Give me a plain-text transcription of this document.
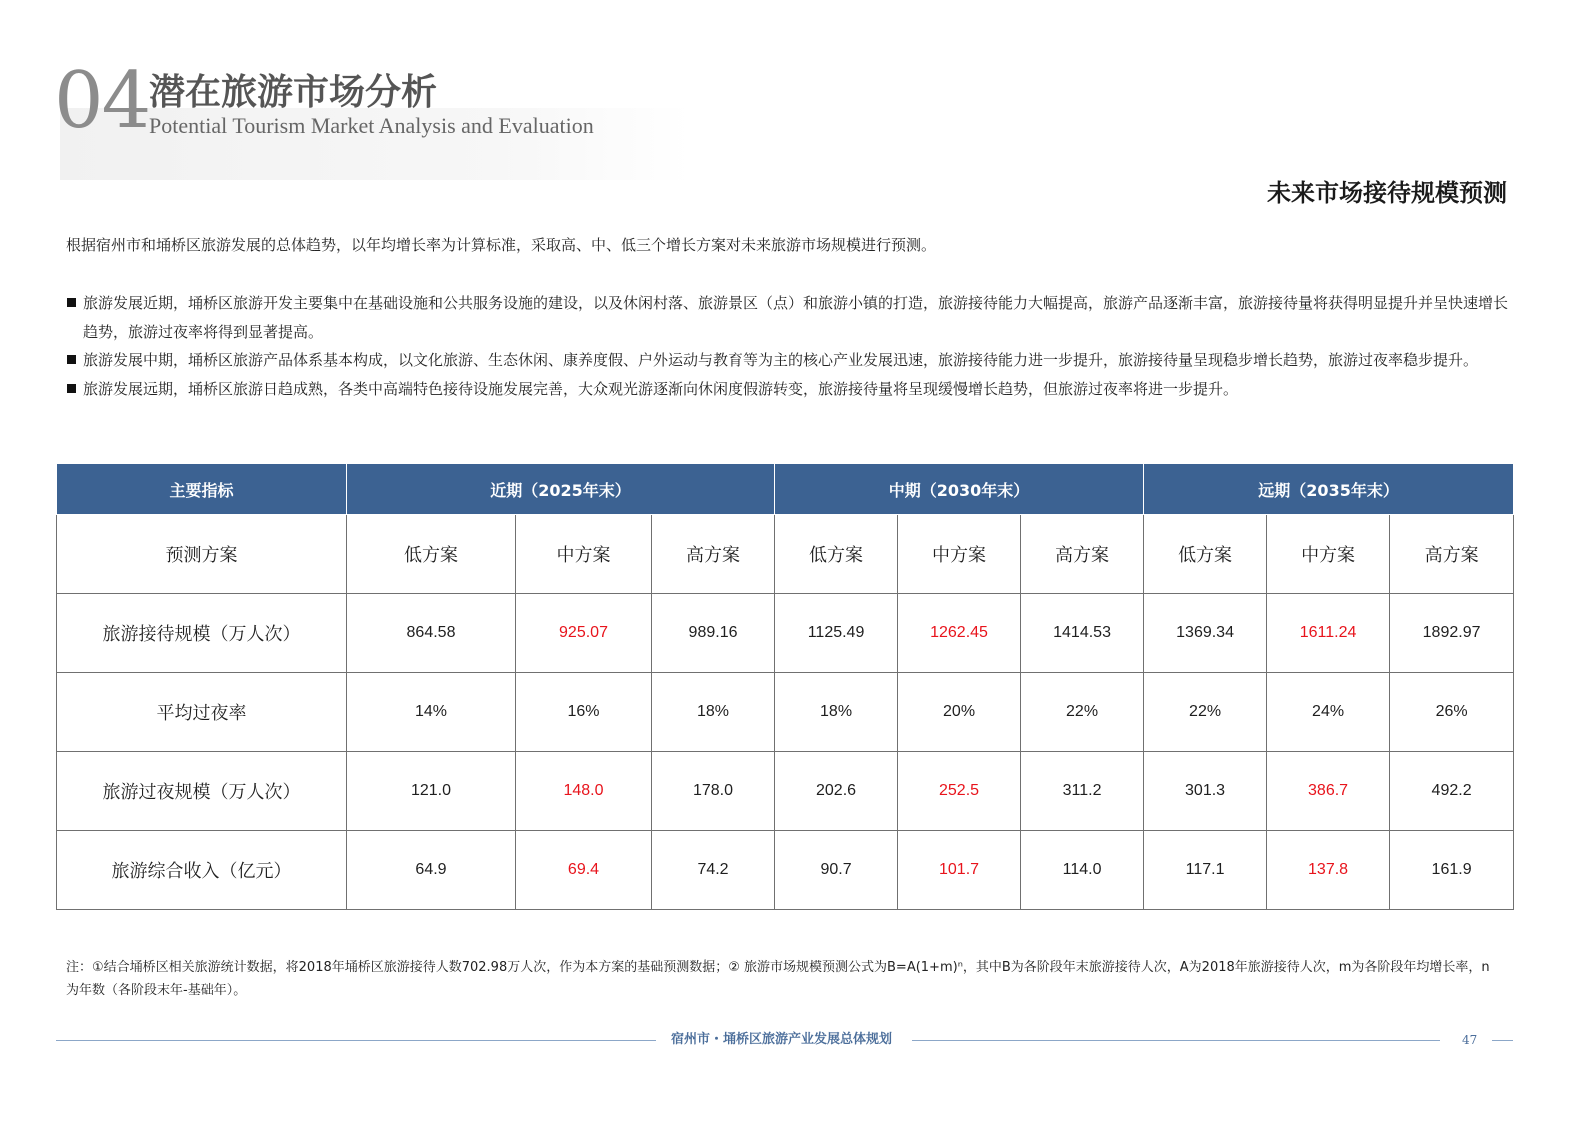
04 潜在旅游市场分析
Potential Tourism Market Analysis and Evaluation
未来市场接待规模预测
根据宿州市和埇桥区旅游发展的总体趋势，以年均增长率为计算标准，采取高、中、低三个增长方案对未来旅游市场规模进行预测。
旅游发展近期，埇桥区旅游开发主要集中在基础设施和公共服务设施的建设，以及休闲村落、旅游景区（点）和旅游小镇的打造，旅游接待能力大幅提高，旅游产品逐渐丰富，旅游接待量将获得明显提升并呈快速增长趋势，旅游过夜率将得到显著提高。
旅游发展中期，埇桥区旅游产品体系基本构成，以文化旅游、生态休闲、康养度假、户外运动与教育等为主的核心产业发展迅速，旅游接待能力进一步提升，旅游接待量呈现稳步增长趋势，旅游过夜率稳步提升。
旅游发展远期，埇桥区旅游日趋成熟，各类中高端特色接待设施发展完善，大众观光游逐渐向休闲度假游转变，旅游接待量将呈现缓慢增长趋势，但旅游过夜率将进一步提升。
主要指标	近期（2025年末）			中期（2030年末）			远期（2035年末）		
预测方案	低方案	中方案	高方案	低方案	中方案	高方案	低方案	中方案	高方案
旅游接待规模（万人次）	864.58	925.07	989.16	1125.49	1262.45	1414.53	1369.34	1611.24	1892.97
平均过夜率	14%	16%	18%	18%	20%	22%	22%	24%	26%
旅游过夜规模（万人次）	121.0	148.0	178.0	202.6	252.5	311.2	301.3	386.7	492.2
旅游综合收入（亿元）	64.9	69.4	74.2	90.7	101.7	114.0	117.1	137.8	161.9
注：①结合埇桥区相关旅游统计数据，将2018年埇桥区旅游接待人数702.98万人次，作为本方案的基础预测数据；② 旅游市场规模预测公式为B=A(1+m)ⁿ，其中B为各阶段年末旅游接待人次，A为2018年旅游接待人次，m为各阶段年均增长率，n
为年数（各阶段末年-基础年）。
宿州市・埇桥区旅游产业发展总体规划	47
